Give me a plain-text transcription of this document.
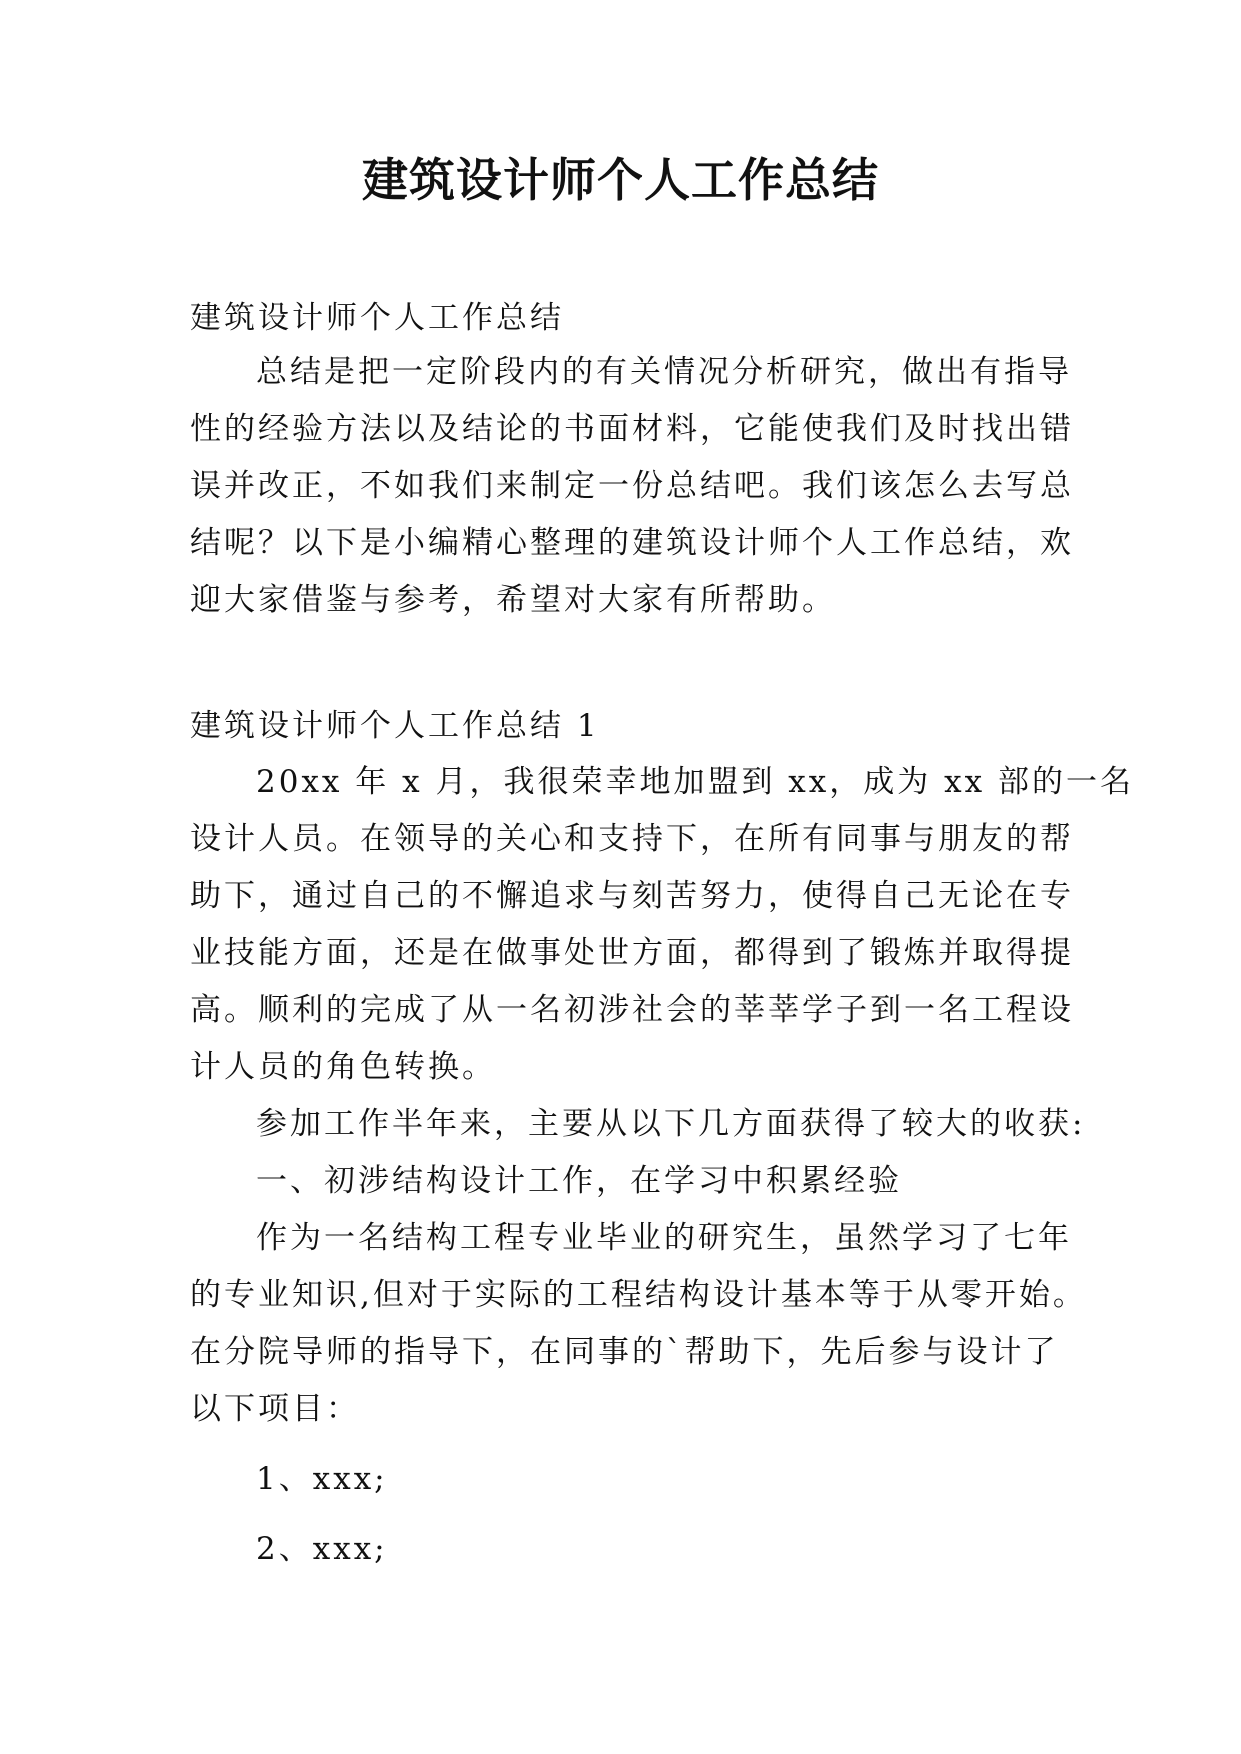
建筑设计师个人工作总结
建筑设计师个人工作总结
总结是把一定阶段内的有关情况分析研究，做出有指导
性的经验方法以及结论的书面材料，它能使我们及时找出错
误并改正，不如我们来制定一份总结吧。我们该怎么去写总
结呢？以下是小编精心整理的建筑设计师个人工作总结，欢
迎大家借鉴与参考，希望对大家有所帮助。
建筑设计师个人工作总结 1
20xx 年 x 月，我很荣幸地加盟到 xx，成为 xx 部的一名
设计人员。在领导的关心和支持下，在所有同事与朋友的帮
助下，通过自己的不懈追求与刻苦努力，使得自己无论在专
业技能方面，还是在做事处世方面，都得到了锻炼并取得提
高。顺利的完成了从一名初涉社会的莘莘学子到一名工程设
计人员的角色转换。
参加工作半年来，主要从以下几方面获得了较大的收获:
一、初涉结构设计工作，在学习中积累经验
作为一名结构工程专业毕业的研究生，虽然学习了七年
的专业知识,但对于实际的工程结构设计基本等于从零开始。
在分院导师的指导下，在同事的`帮助下，先后参与设计了
以下项目：
1、xxx;
2、xxx;
